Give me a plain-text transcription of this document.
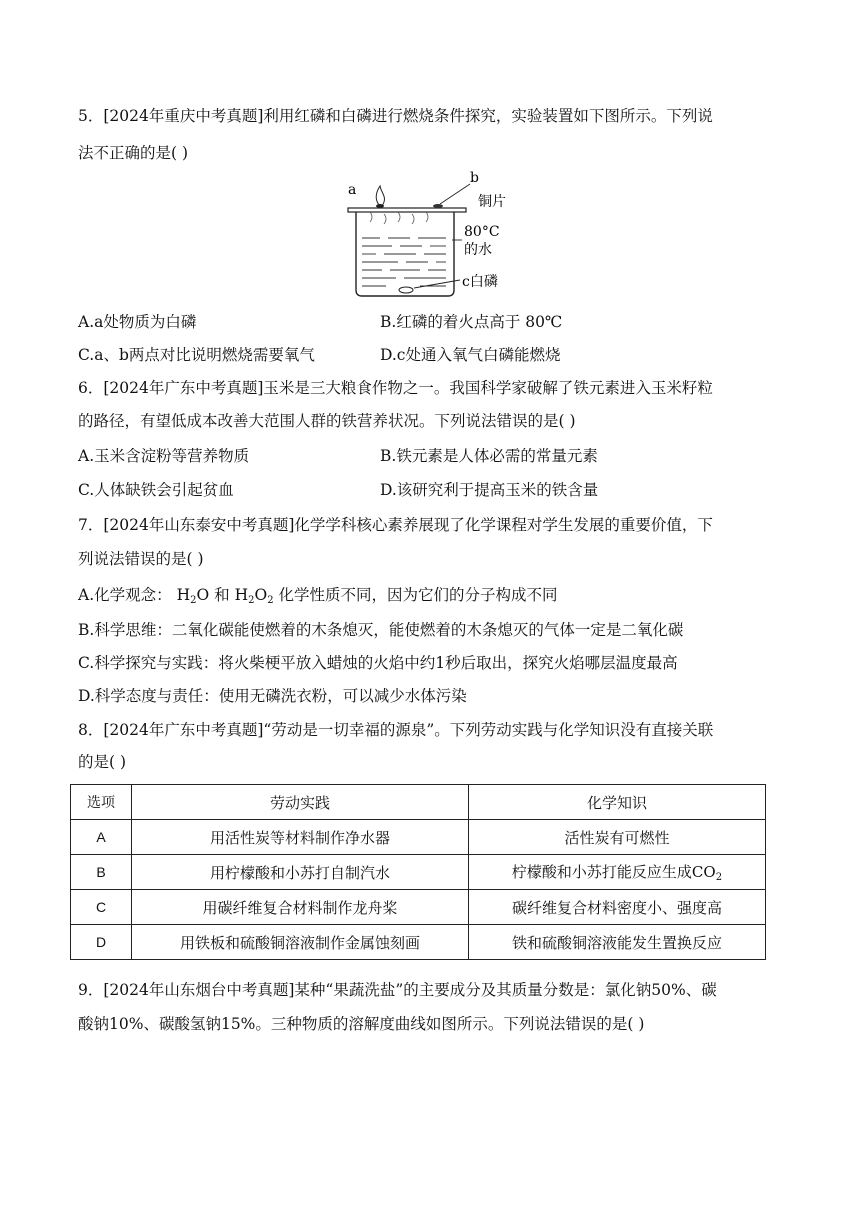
5．[2024年重庆中考真题]利用红磷和白磷进行燃烧条件探究，实验装置如下图所示。下列说
法不正确的是( )
a
b
铜片
80°C
的水
c白磷
A.a处物质为白磷	B.红磷的着火点高于 80℃
C.a、b两点对比说明燃烧需要氧气	D.c处通入氧气白磷能燃烧
6．[2024年广东中考真题]玉米是三大粮食作物之一。我国科学家破解了铁元素进入玉米籽粒
的路径，有望低成本改善大范围人群的铁营养状况。下列说法错误的是( )
A.玉米含淀粉等营养物质	B.铁元素是人体必需的常量元素
C.人体缺铁会引起贫血	D.该研究利于提高玉米的铁含量
7．[2024年山东泰安中考真题]化学学科核心素养展现了化学课程对学生发展的重要价值，下
列说法错误的是( )
A.化学观念： $H_2O$ 和 $H_2O_2$ 化学性质不同，因为它们的分子构成不同
B.科学思维：二氧化碳能使燃着的木条熄灭，能使燃着的木条熄灭的气体一定是二氧化碳
C.科学探究与实践：将火柴梗平放入蜡烛的火焰中约1秒后取出，探究火焰哪层温度最高
D.科学态度与责任：使用无磷洗衣粉，可以减少水体污染
8．[2024年广东中考真题]“劳动是一切幸福的源泉”。下列劳动实践与化学知识没有直接关联
的是( )
选项	劳动实践	化学知识
A	用活性炭等材料制作净水器	活性炭有可燃性
B	用柠檬酸和小苏打自制汽水	柠檬酸和小苏打能反应生成$CO_2$
C	用碳纤维复合材料制作龙舟桨	碳纤维复合材料密度小、强度高
D	用铁板和硫酸铜溶液制作金属蚀刻画	铁和硫酸铜溶液能发生置换反应
9．[2024年山东烟台中考真题]某种“果蔬洗盐”的主要成分及其质量分数是：氯化钠50%、碳
酸钠10%、碳酸氢钠15%。三种物质的溶解度曲线如图所示。下列说法错误的是( )
